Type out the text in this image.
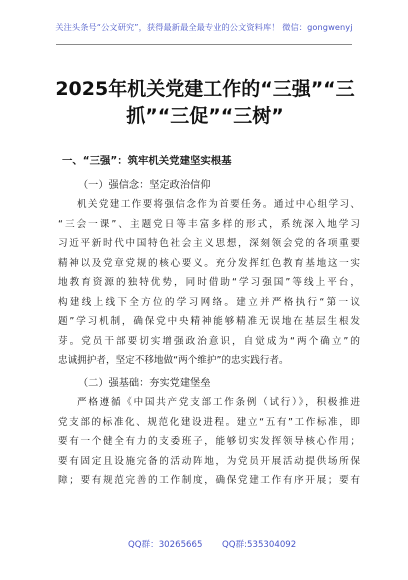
关注头条号“公文研究”，获得最新最全最专业的公文资料库！ 微信：gongwenyj
2025年机关党建工作的“三强”“三
抓”“三促”“三树”
一、“三强”：筑牢机关党建坚实根基
（一）强信念：坚定政治信仰
机关党建工作要将强信念作为首要任务。通过中心组学习、
“三会一课”、主题党日等丰富多样的形式，系统深入地学习
习近平新时代中国特色社会主义思想，深刻领会党的各项重要
精神以及党章党规的核心要义。充分发挥红色教育基地这一实
地教育资源的独特优势，同时借助“学习强国”等线上平台，
构建线上线下全方位的学习网络。建立并严格执行“第一议
题”学习机制，确保党中央精神能够精准无误地在基层生根发
芽。党员干部要切实增强政治意识，自觉成为“两个确立”的
忠诚拥护者，坚定不移地做“两个维护”的忠实践行者。
（二）强基础：夯实党建堡垒
严格遵循《中国共产党支部工作条例（试行）》，积极推进
党支部的标准化、规范化建设进程。建立“五有”工作标准，即
要有一个健全有力的支委班子，能够切实发挥领导核心作用；
要有固定且设施完备的活动阵地，为党员开展活动提供场所保
障；要有规范完善的工作制度，确保党建工作有序开展；要有
QQ群：30265665 QQ群:535304092
